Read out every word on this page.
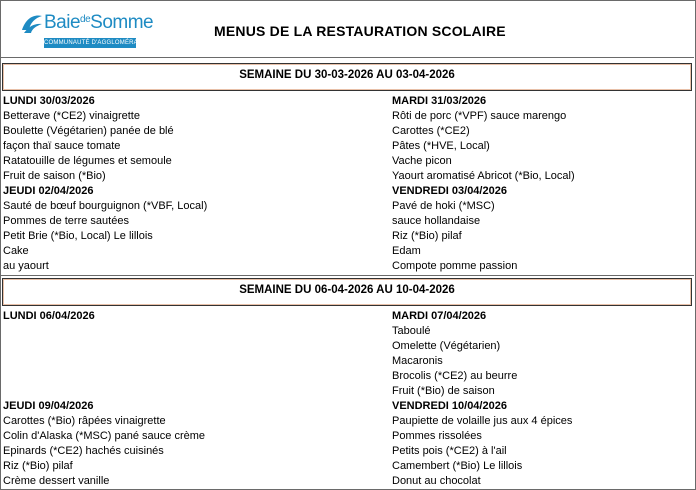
Baie$^{de}$Somme
COMMUNAUTÉ D'AGGLOMÉRATION
MENUS DE LA RESTAURATION SCOLAIRE
SEMAINE DU 30-03-2026 AU 03-04-2026
LUNDI 30/03/2026
Betterave (*CE2) vinaigrette
Boulette (Végétarien) panée de blé
façon thaï sauce tomate
Ratatouille de légumes et semoule
Fruit de saison (*Bio)
MARDI 31/03/2026
Rôti de porc (*VPF) sauce marengo
Carottes (*CE2)
Pâtes (*HVE, Local)
Vache picon
Yaourt aromatisé Abricot (*Bio, Local)
JEUDI 02/04/2026
Sauté de bœuf bourguignon (*VBF, Local)
Pommes de terre sautées
Petit Brie (*Bio, Local) Le lillois
Cake
au yaourt
VENDREDI 03/04/2026
Pavé de hoki (*MSC)
sauce hollandaise
Riz (*Bio) pilaf
Edam
Compote pomme passion
SEMAINE DU 06-04-2026 AU 10-04-2026
LUNDI 06/04/2026	MARDI 07/04/2026
Taboulé
Omelette (Végétarien)
Macaronis
Brocolis (*CE2) au beurre
Fruit (*Bio) de saison
JEUDI 09/04/2026
Carottes (*Bio) râpées vinaigrette
Colin d'Alaska (*MSC) pané sauce crème
Epinards (*CE2) hachés cuisinés
Riz (*Bio) pilaf
Crème dessert vanille
VENDREDI 10/04/2026
Paupiette de volaille jus aux 4 épices
Pommes rissolées
Petits pois (*CE2) à l'ail
Camembert (*Bio) Le lillois
Donut au chocolat
